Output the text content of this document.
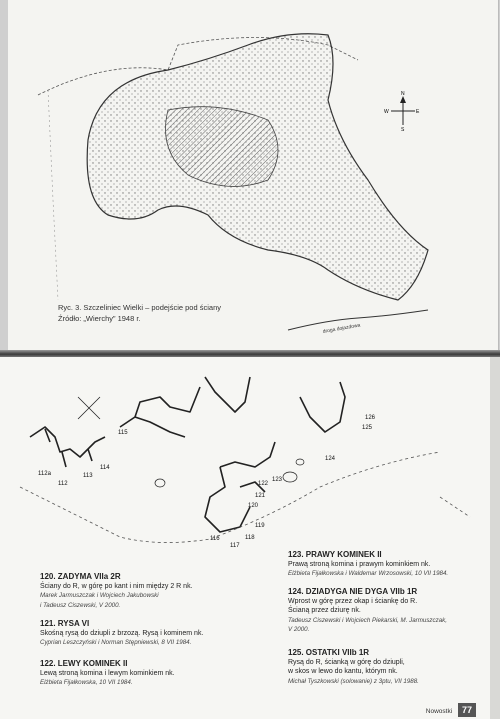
droga dojazdowa
N
S
E
W
Ryc. 3. Szczeliniec Wielki – podejście pod ściany
Źródło: „Wierchy” 1948 r.
112a
112
113
114
115
116
117
118
119
120
121
122
123
124
125
126
120. ZADYMA VIIa 2R
Ściany do R, w górę po kant i nim między 2 R nk.
Marek Jarmuszczak i Wojciech Jakubowski
i Tadeusz Ciszewski, V 2000.
121. RYSA VI
Skośną rysą do dziupli z brzozą. Rysą i kominem nk.
Cyprian Leszczyński i Norman Stępniewski, 8 VII 1984.
122. LEWY KOMINEK II
Lewą stroną komina i lewym kominkiem nk.
Elżbieta Fijałkowska, 10 VII 1984.
123. PRAWY KOMINEK II
Prawą stroną komina i prawym kominkiem nk.
Elżbieta Fijałkowska i Waldemar Wrzosowski, 10 VII 1984.
124. DZIADYGA NIE DYGA VIIb 1R
Wprost w górę przez okap i ściankę do R.
Ścianą przez dziurę nk.
Tadeusz Ciszewski i Wojciech Piekarski, M. Jarmuszczak,
V 2000.
125. OSTATKI VIIb 1R
Rysą do R, ścianką w górę do dziupli,
w skos w lewo do kantu, którym nk.
Michał Tyszkowski (solowanie) z 3ptu, VII 1988.
Nowostki 77
